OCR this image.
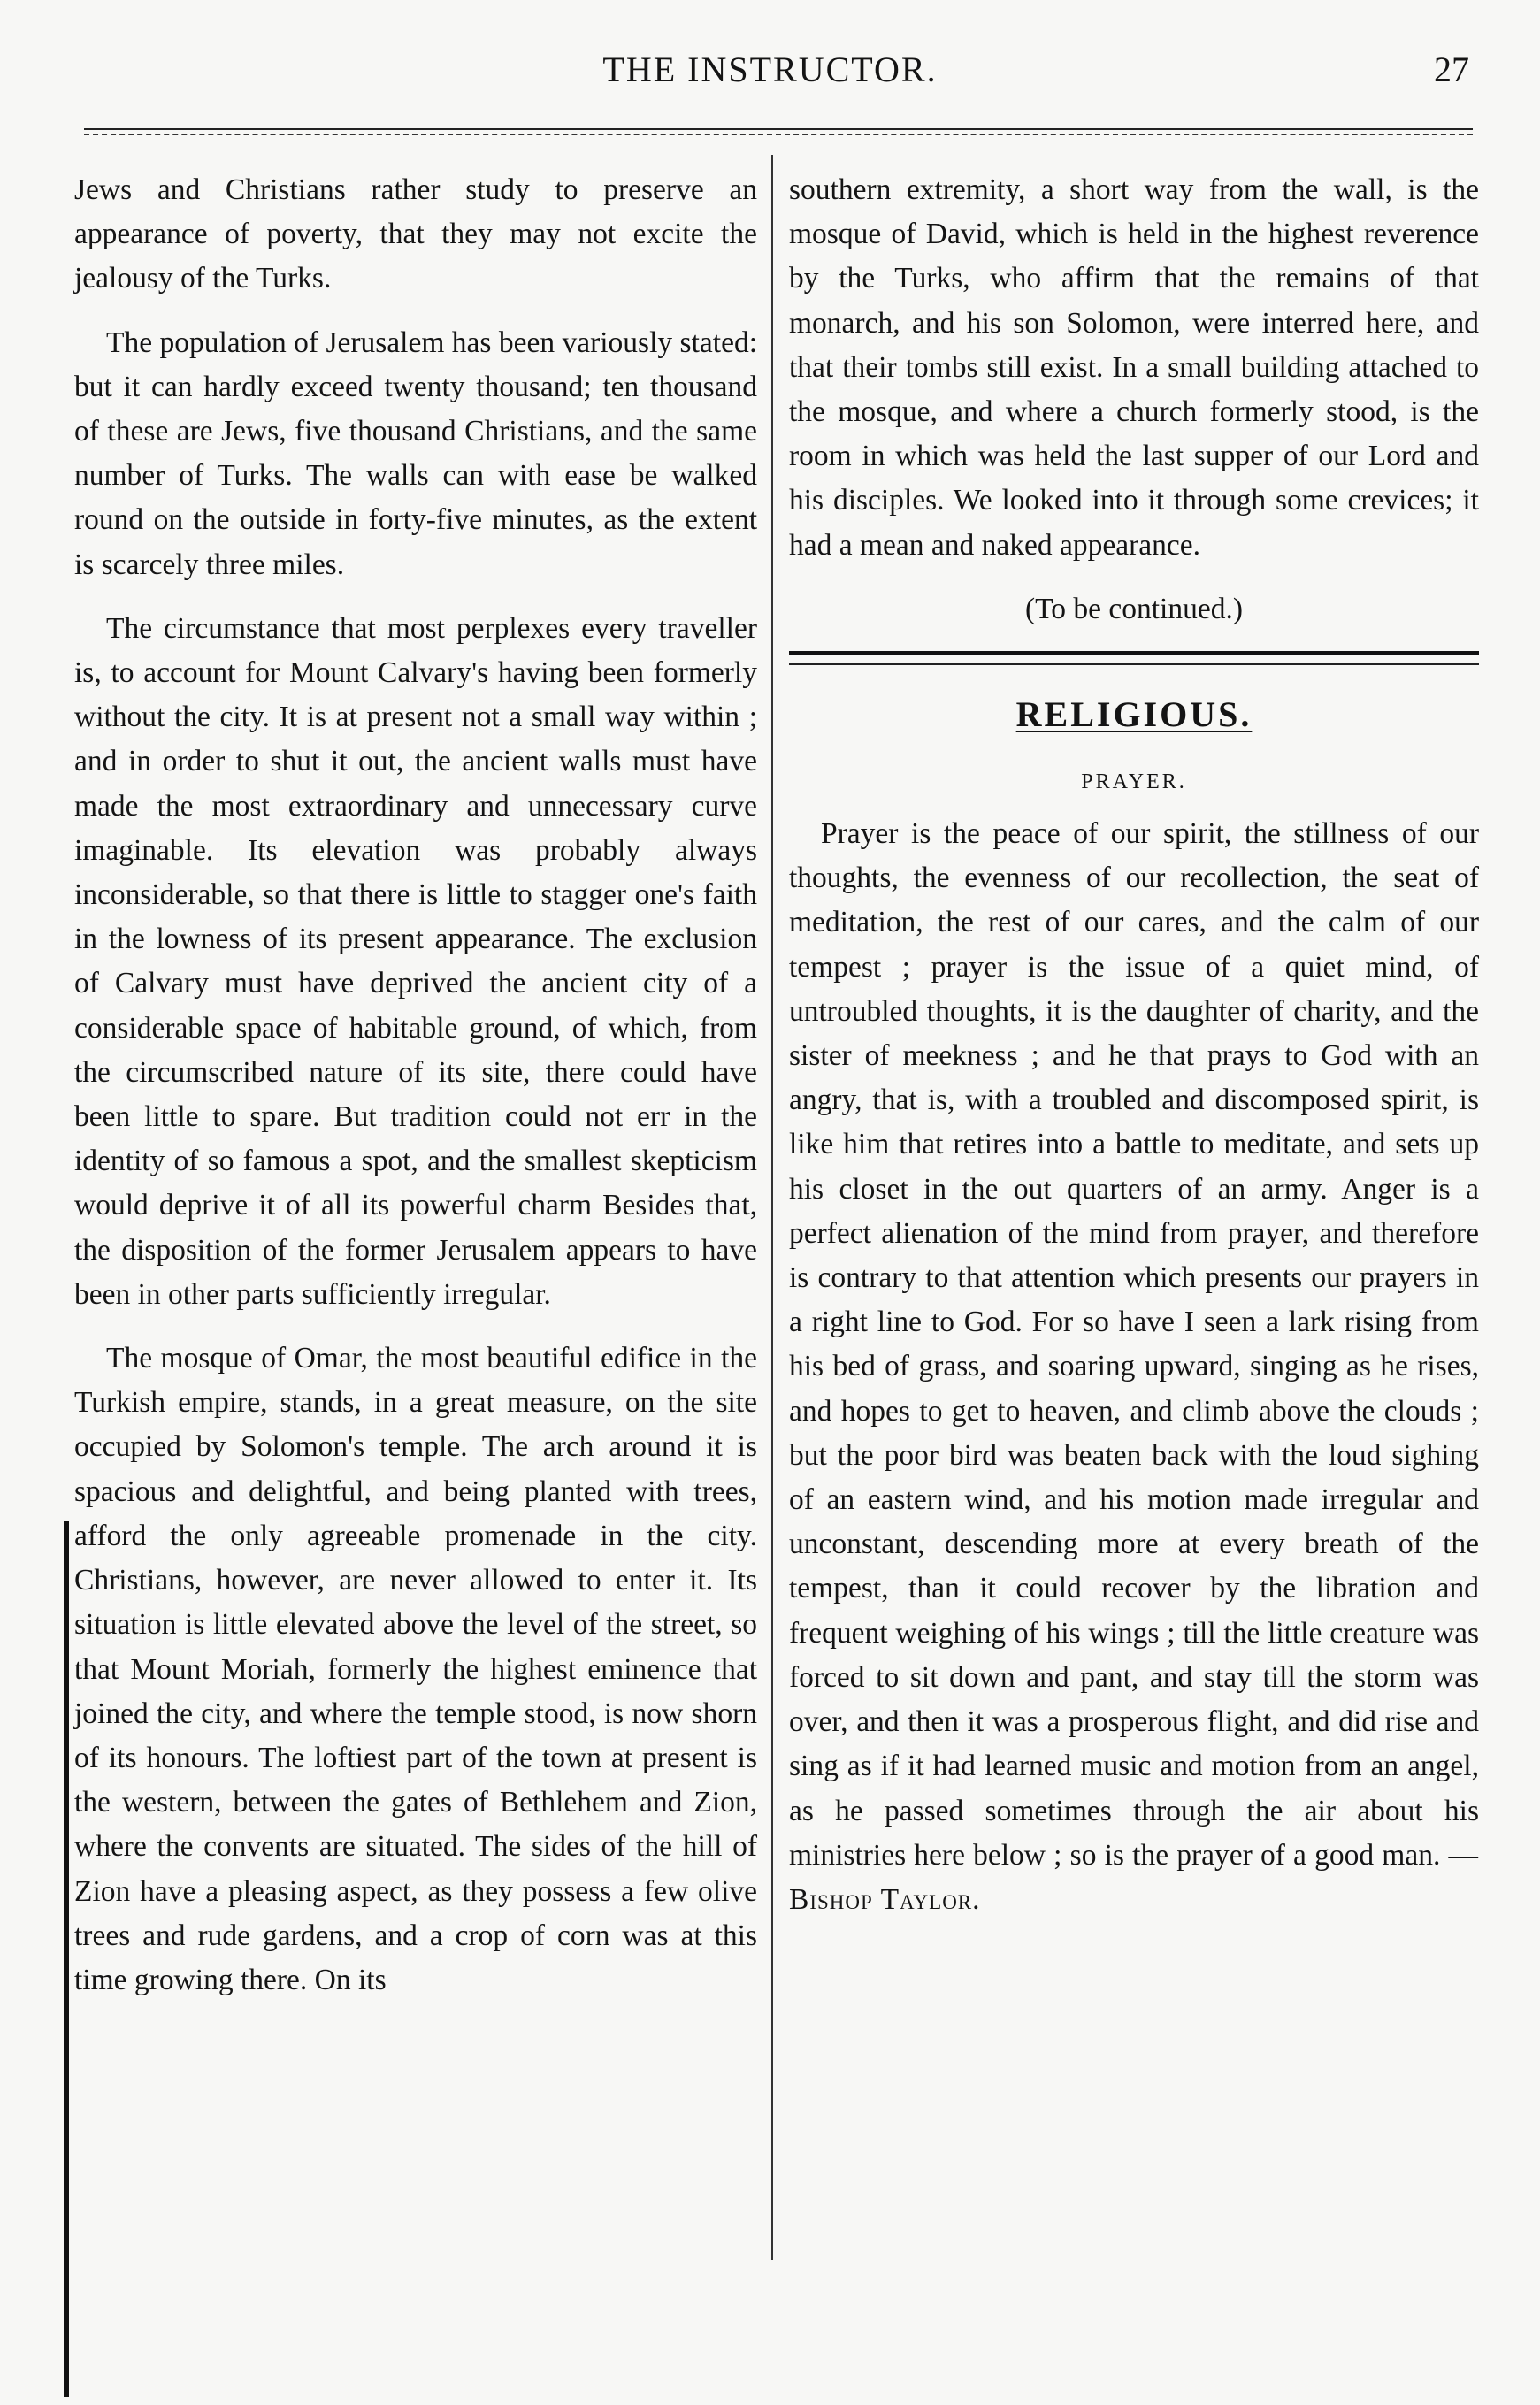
THE INSTRUCTOR.	27

Jews and Christians rather study to preserve an appearance of poverty, that they may not excite the jealousy of the Turks.

The population of Jerusalem has been variously stated: but it can hardly exceed twenty thousand; ten thousand of these are Jews, five thousand Christians, and the same number of Turks. The walls can with ease be walked round on the outside in forty-five minutes, as the extent is scarcely three miles.

The circumstance that most perplexes every traveller is, to account for Mount Calvary's having been formerly without the city. It is at present not a small way within ; and in order to shut it out, the ancient walls must have made the most extraordinary and unnecessary curve imaginable. Its elevation was probably always inconsiderable, so that there is little to stagger one's faith in the lowness of its present appearance. The exclusion of Calvary must have deprived the ancient city of a considerable space of habitable ground, of which, from the circumscribed nature of its site, there could have been little to spare. But tradition could not err in the identity of so famous a spot, and the smallest skepticism would deprive it of all its powerful charm Besides that, the disposition of the former Jerusalem appears to have been in other parts sufficiently irregular.

The mosque of Omar, the most beautiful edifice in the Turkish empire, stands, in a great measure, on the site occupied by Solomon's temple. The arch around it is spacious and delightful, and being planted with trees, afford the only agreeable promenade in the city. Christians, however, are never allowed to enter it. Its situation is little elevated above the level of the street, so that Mount Moriah, formerly the highest eminence that joined the city, and where the temple stood, is now shorn of its honours. The loftiest part of the town at present is the western, between the gates of Bethlehem and Zion, where the convents are situated. The sides of the hill of Zion have a pleasing aspect, as they possess a few olive trees and rude gardens, and a crop of corn was at this time growing there. On its

southern extremity, a short way from the wall, is the mosque of David, which is held in the highest reverence by the Turks, who affirm that the remains of that monarch, and his son Solomon, were interred here, and that their tombs still exist. In a small building attached to the mosque, and where a church formerly stood, is the room in which was held the last supper of our Lord and his disciples. We looked into it through some crevices; it had a mean and naked appearance.

(To be continued.)

RELIGIOUS.
PRAYER.

Prayer is the peace of our spirit, the stillness of our thoughts, the evenness of our recollection, the seat of meditation, the rest of our cares, and the calm of our tempest ; prayer is the issue of a quiet mind, of untroubled thoughts, it is the daughter of charity, and the sister of meekness ; and he that prays to God with an angry, that is, with a troubled and discomposed spirit, is like him that retires into a battle to meditate, and sets up his closet in the out quarters of an army. Anger is a perfect alienation of the mind from prayer, and therefore is contrary to that attention which presents our prayers in a right line to God. For so have I seen a lark rising from his bed of grass, and soaring upward, singing as he rises, and hopes to get to heaven, and climb above the clouds ; but the poor bird was beaten back with the loud sighing of an eastern wind, and his motion made irregular and unconstant, descending more at every breath of the tempest, than it could recover by the libration and frequent weighing of his wings ; till the little creature was forced to sit down and pant, and stay till the storm was over, and then it was a prosperous flight, and did rise and sing as if it had learned music and motion from an angel, as he passed sometimes through the air about his ministries here below ; so is the prayer of a good man. —Bishop Taylor.
